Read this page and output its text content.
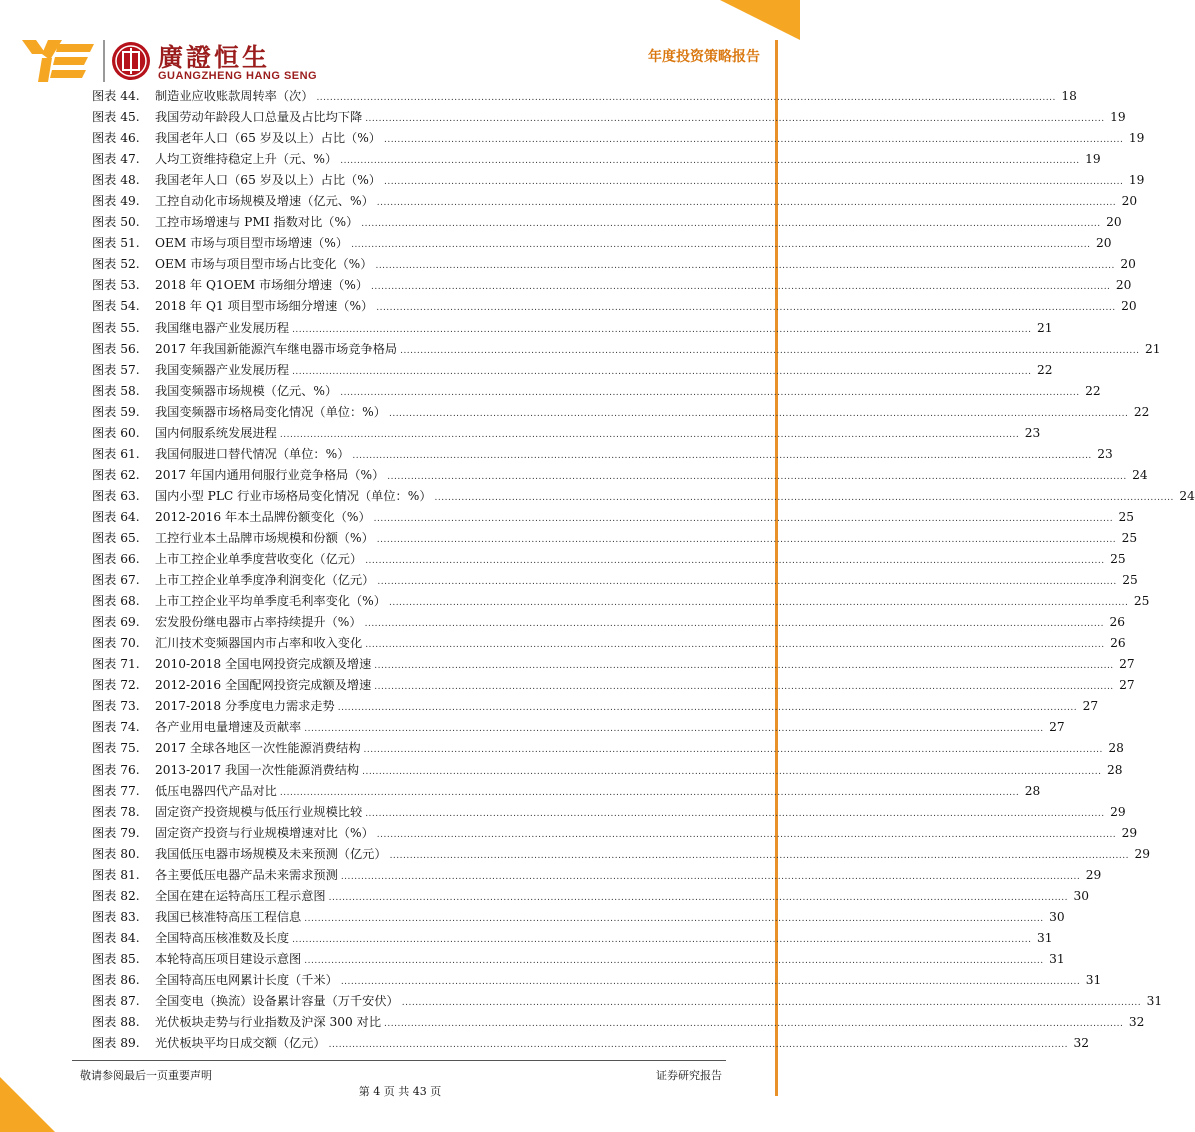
廣證恒生
GUANGZHENG HANG SENG
年度投资策略报告
图表 44.	制造业应收账款周转率（次） ............................................................................................................................................................................................................................ 18
图表 45.	我国劳动年龄段人口总量及占比均下降 ............................................................................................................................................................................................................................ 19
图表 46.	我国老年人口（65 岁及以上）占比（%） ............................................................................................................................................................................................................................ 19
图表 47.	人均工资维持稳定上升（元、%） ............................................................................................................................................................................................................................ 19
图表 48.	我国老年人口（65 岁及以上）占比（%） ............................................................................................................................................................................................................................ 19
图表 49.	工控自动化市场规模及增速（亿元、%） ............................................................................................................................................................................................................................ 20
图表 50.	工控市场增速与 PMI 指数对比（%） ............................................................................................................................................................................................................................ 20
图表 51.	OEM 市场与项目型市场增速（%） ............................................................................................................................................................................................................................ 20
图表 52.	OEM 市场与项目型市场占比变化（%） ............................................................................................................................................................................................................................ 20
图表 53.	2018 年 Q1OEM 市场细分增速（%） ............................................................................................................................................................................................................................ 20
图表 54.	2018 年 Q1 项目型市场细分增速（%） ............................................................................................................................................................................................................................ 20
图表 55.	我国继电器产业发展历程 ............................................................................................................................................................................................................................ 21
图表 56.	2017 年我国新能源汽车继电器市场竞争格局 ............................................................................................................................................................................................................................ 21
图表 57.	我国变频器产业发展历程 ............................................................................................................................................................................................................................ 22
图表 58.	我国变频器市场规模（亿元、%） ............................................................................................................................................................................................................................ 22
图表 59.	我国变频器市场格局变化情况（单位：%） ............................................................................................................................................................................................................................ 22
图表 60.	国内伺服系统发展进程 ............................................................................................................................................................................................................................ 23
图表 61.	我国伺服进口替代情况（单位：%） ............................................................................................................................................................................................................................ 23
图表 62.	2017 年国内通用伺服行业竞争格局（%） ............................................................................................................................................................................................................................ 24
图表 63.	国内小型 PLC 行业市场格局变化情况（单位：%） ............................................................................................................................................................................................................................ 24
图表 64.	2012-2016 年本土品牌份额变化（%） ............................................................................................................................................................................................................................ 25
图表 65.	工控行业本土品牌市场规模和份额（%） ............................................................................................................................................................................................................................ 25
图表 66.	上市工控企业单季度营收变化（亿元） ............................................................................................................................................................................................................................ 25
图表 67.	上市工控企业单季度净利润变化（亿元） ............................................................................................................................................................................................................................ 25
图表 68.	上市工控企业平均单季度毛利率变化（%） ............................................................................................................................................................................................................................ 25
图表 69.	宏发股份继电器市占率持续提升（%） ............................................................................................................................................................................................................................ 26
图表 70.	汇川技术变频器国内市占率和收入变化 ............................................................................................................................................................................................................................ 26
图表 71.	2010-2018 全国电网投资完成额及增速 ............................................................................................................................................................................................................................ 27
图表 72.	2012-2016 全国配网投资完成额及增速 ............................................................................................................................................................................................................................ 27
图表 73.	2017-2018 分季度电力需求走势 ............................................................................................................................................................................................................................ 27
图表 74.	各产业用电量增速及贡献率 ............................................................................................................................................................................................................................ 27
图表 75.	2017 全球各地区一次性能源消费结构 ............................................................................................................................................................................................................................ 28
图表 76.	2013-2017 我国一次性能源消费结构 ............................................................................................................................................................................................................................ 28
图表 77.	低压电器四代产品对比 ............................................................................................................................................................................................................................ 28
图表 78.	固定资产投资规模与低压行业规模比较 ............................................................................................................................................................................................................................ 29
图表 79.	固定资产投资与行业规模增速对比（%） ............................................................................................................................................................................................................................ 29
图表 80.	我国低压电器市场规模及未来预测（亿元） ............................................................................................................................................................................................................................ 29
图表 81.	各主要低压电器产品未来需求预测 ............................................................................................................................................................................................................................ 29
图表 82.	全国在建在运特高压工程示意图 ............................................................................................................................................................................................................................ 30
图表 83.	我国已核准特高压工程信息 ............................................................................................................................................................................................................................ 30
图表 84.	全国特高压核准数及长度 ............................................................................................................................................................................................................................ 31
图表 85.	本轮特高压项目建设示意图 ............................................................................................................................................................................................................................ 31
图表 86.	全国特高压电网累计长度（千米） ............................................................................................................................................................................................................................ 31
图表 87.	全国变电（换流）设备累计容量（万千安伏） ............................................................................................................................................................................................................................ 31
图表 88.	光伏板块走势与行业指数及沪深 300 对比 ............................................................................................................................................................................................................................ 32
图表 89.	光伏板块平均日成交额（亿元） ............................................................................................................................................................................................................................ 32
敬请参阅最后一页重要声明	证券研究报告
第 4 页 共 43 页
